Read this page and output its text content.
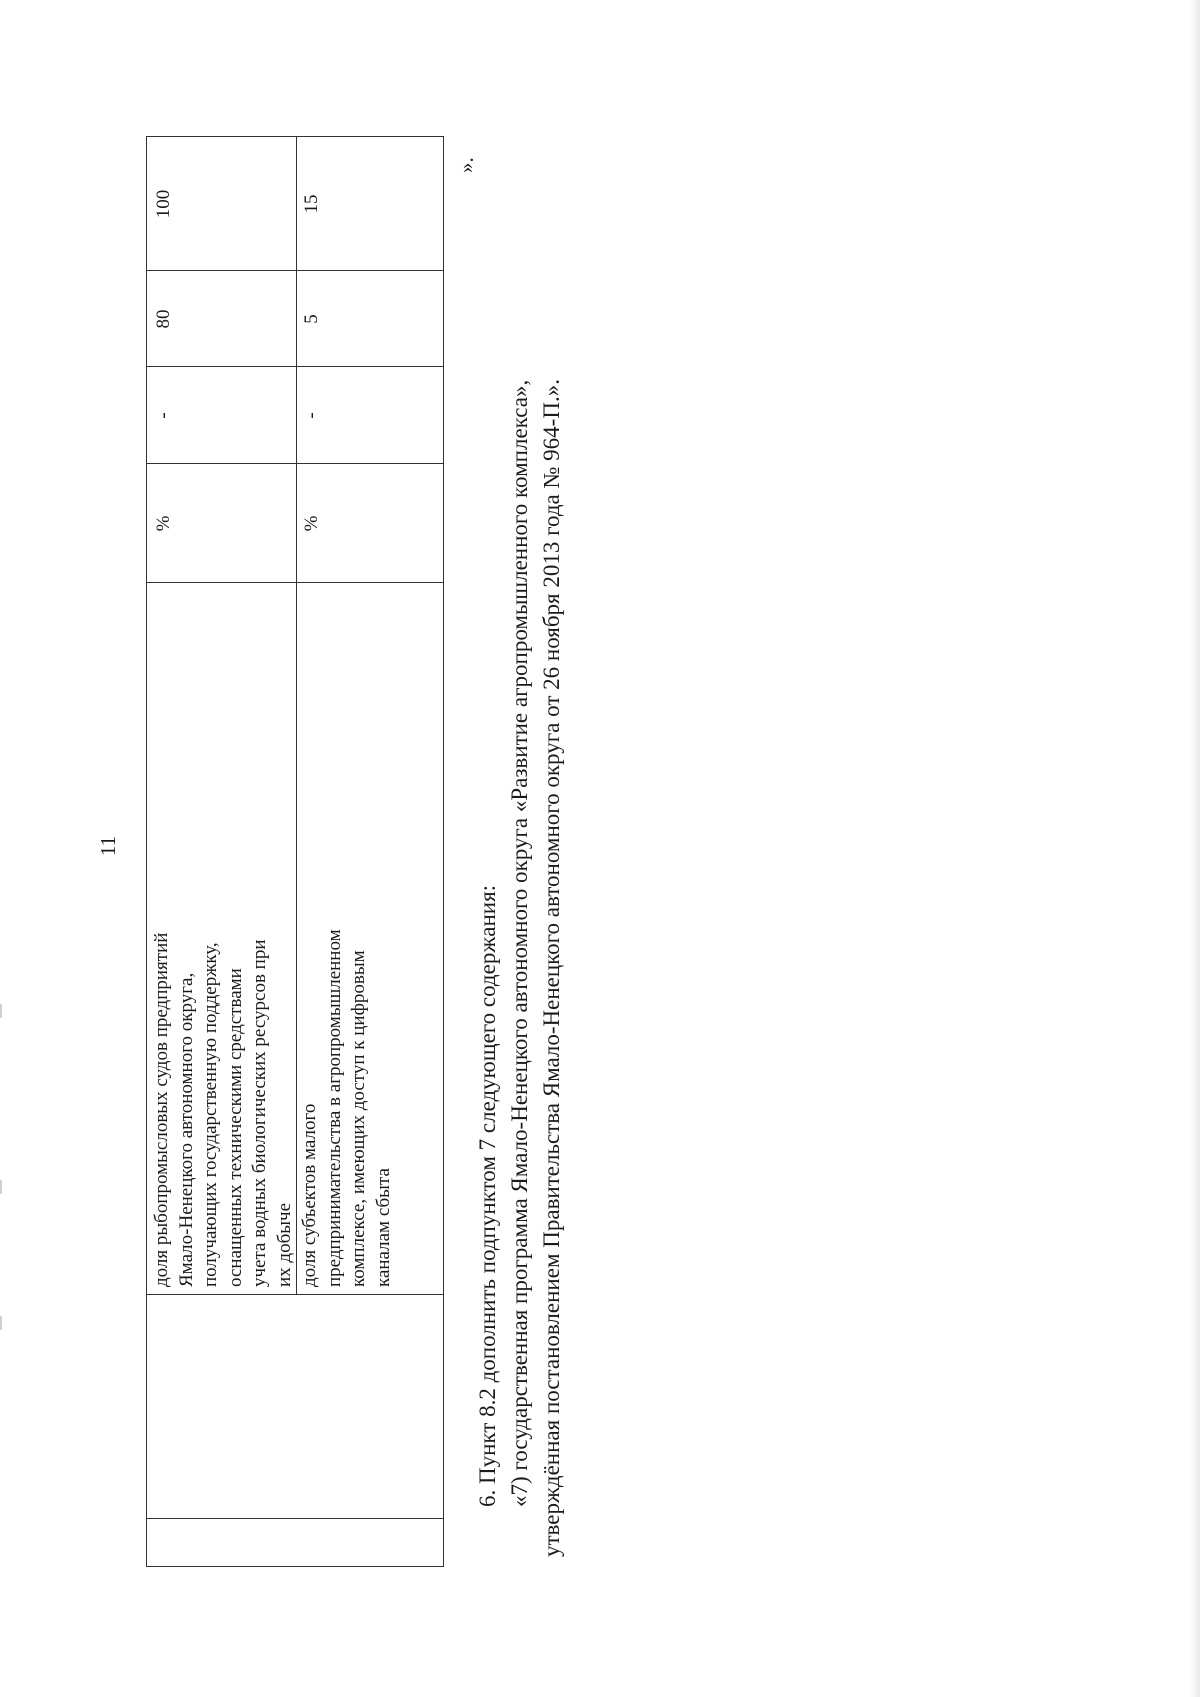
11
доля рыбопромысловых судов предприятий
Ямало-Ненецкого автономного округа,
получающих государственную поддержку,
оснащенных техническими средствами
учета водных биологических ресурсов при
их добыче
%
-
80
100
доля субъектов малого
предпринимательства в агропромышленном
комплексе, имеющих доступ к цифровым
каналам сбыта
%
-
5
15
».
6. Пункт 8.2 дополнить подпунктом 7 следующего содержания: «7) государственная программа Ямало-Ненецкого автономного округа «Развитие агропромышленного комплекса», утверждённая постановлением Правительства Ямало-Ненецкого автономного округа от 26 ноября 2013 года № 964-П.».
